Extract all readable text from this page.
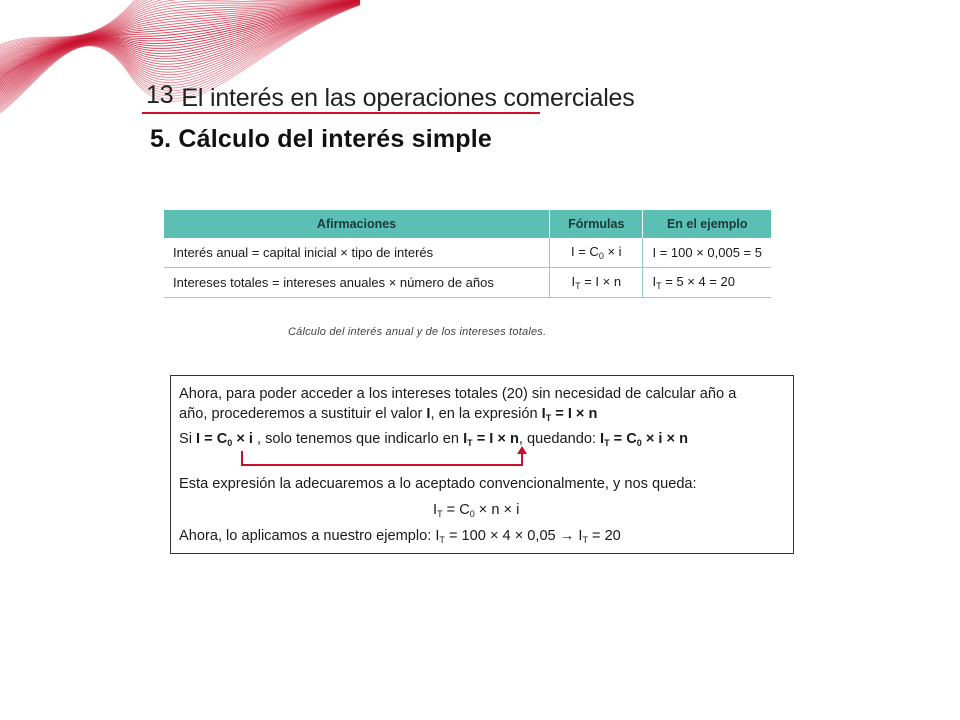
13 El interés en las operaciones comerciales
5. Cálculo del interés simple
Afirmaciones	Fórmulas	En el ejemplo
Interés anual = capital inicial × tipo de interés	$I = C_0 \times i$	I = 100 × 0,005 = 5
Intereses totales = intereses anuales × número de años	$I_T = I \times n$	$I_T = 5 \times 4 = 20$
Cálculo del interés anual y de los intereses totales.
Ahora, para poder acceder a los intereses totales (20) sin necesidad de calcular año a
año, procederemos a sustituir el valor I, en la expresión $I_T = I \times n$
Si $I = C_0 \times i$ , solo tenemos que indicarlo en $I_T = I \times n$, quedando: $I_T = C_0 \times i \times n$
Esta expresión la adecuaremos a lo aceptado convencionalmente, y nos queda:
$I_T = C_0 \times n \times i$
Ahora, lo aplicamos a nuestro ejemplo: $I_T = 100 \times 4 \times 0,05 \to I_T = 20$
